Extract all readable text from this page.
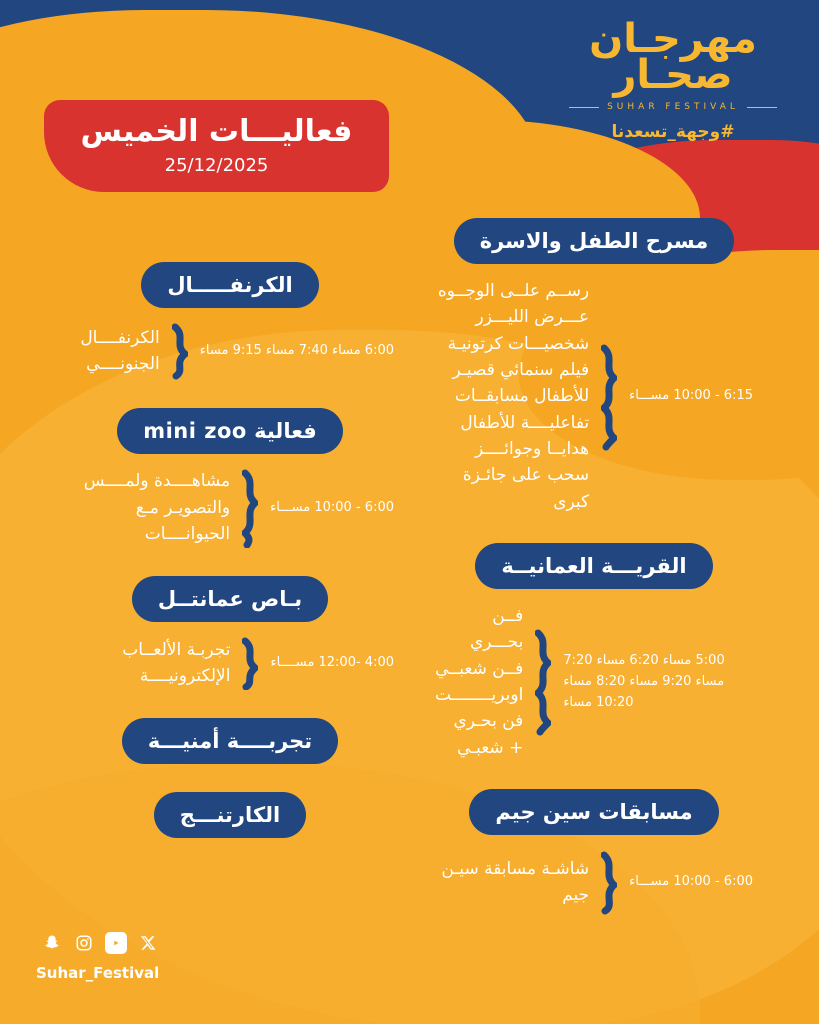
مهرجـان
صحـار
SUHAR FESTIVAL
#وجهة_تسعدنا
فعاليـــات الخميس
25/12/2025
مسرح الطفل والاسرة
6:15 - 10:00 مســـاء
رســم علــى الوجــوه عـــرض الليـــزر شخصيـــات كرتونيـة فيلم سنمائي قصيـر للأطفال مسابقــات تفاعليــــة للأطفال هدايــا وجوائــــز سحب على جائـزة كبرى
القريـــة العمانيــة
5:00 مساء 6:20 مساء 7:20 مساء 9:20 مساء 8:20 مساء 10:20 مساء
فــن بحـــري فــن شعبــي اوبريــــــــت فن بحـري + شعبـي
مسابقات سين جيم
6:00 - 10:00 مســـاء
شاشـة مسابقة سيـن جيم
الكرنفـــــال
6:00 مساء 7:40 مساء 9:15 مساء
الكرنفــــال الجنونــــي
فعالية mini zoo
6:00 - 10:00 مســـاء
مشاهــــدة ولمــــس والتصويـر مـع الحيوانــــات
بـاص عمانتــل
4:00 -12:00 مســــاء
تجربـة الألعــاب الإلكترونيــــة
تجربــــة أمنيـــة
الكارتنـــج
Suhar_Festival
